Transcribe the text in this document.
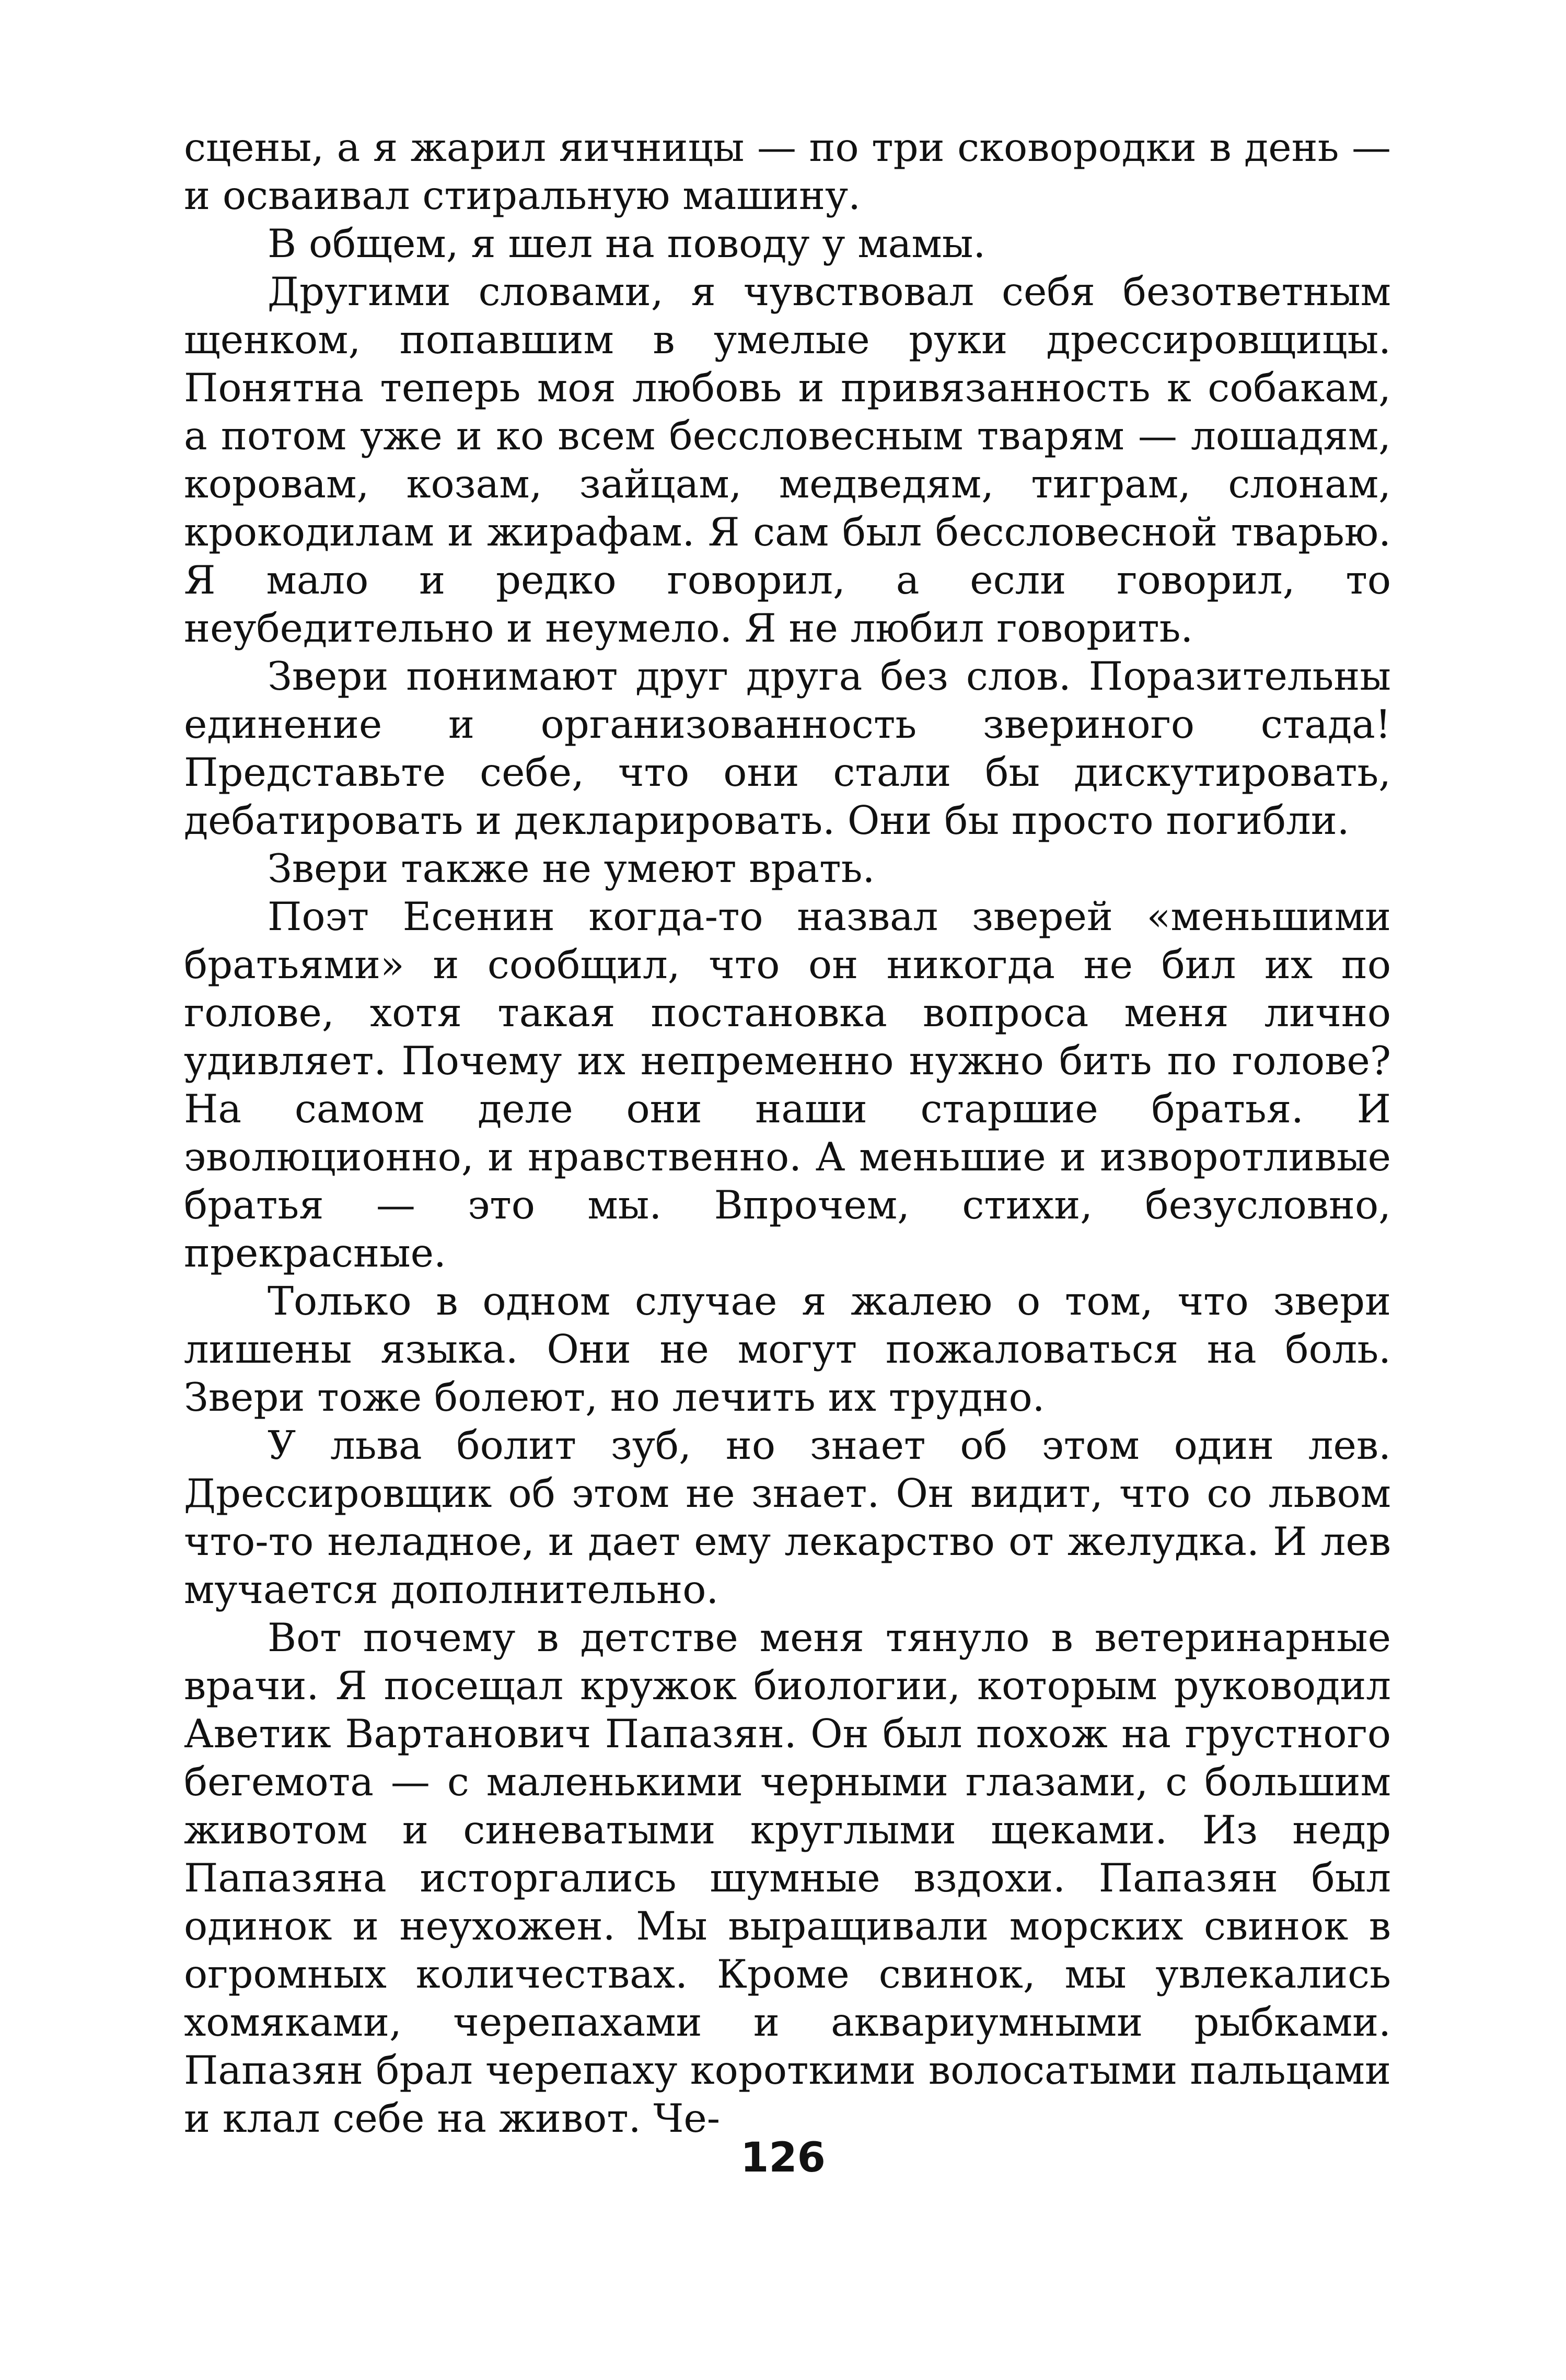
сцены, а я жарил яичницы — по три сковородки в день — и осваивал стиральную машину.

В общем, я шел на поводу у мамы.

Другими словами, я чувствовал себя безответным щенком, попавшим в умелые руки дрессировщицы. Понятна теперь моя любовь и привязанность к собакам, а потом уже и ко всем бессловесным тварям — лошадям, коровам, козам, зайцам, медведям, тиграм, слонам, крокодилам и жирафам. Я сам был бессловесной тварью. Я мало и редко говорил, а если говорил, то неубедительно и неумело. Я не любил говорить.

Звери понимают друг друга без слов. Поразительны единение и организованность звериного стада! Представьте себе, что они стали бы дискутировать, дебатировать и декларировать. Они бы просто погибли.

Звери также не умеют врать.

Поэт Есенин когда-то назвал зверей «меньшими братьями» и сообщил, что он никогда не бил их по голове, хотя такая постановка вопроса меня лично удивляет. Почему их непременно нужно бить по голове? На самом деле они наши старшие братья. И эволюционно, и нравственно. А меньшие и изворотливые братья — это мы. Впрочем, стихи, безусловно, прекрасные.

Только в одном случае я жалею о том, что звери лишены языка. Они не могут пожаловаться на боль. Звери тоже болеют, но лечить их трудно.

У льва болит зуб, но знает об этом один лев. Дрессировщик об этом не знает. Он видит, что со львом что-то неладное, и дает ему лекарство от желудка. И лев мучается дополнительно.

Вот почему в детстве меня тянуло в ветеринарные врачи. Я посещал кружок биологии, которым руководил Аветик Вартанович Папазян. Он был похож на грустного бегемота — с маленькими черными глазами, с большим животом и синеватыми круглыми щеками. Из недр Папазяна исторгались шумные вздохи. Папазян был одинок и неухожен. Мы выращивали морских свинок в огромных количествах. Кроме свинок, мы увлекались хомяками, черепахами и аквариумными рыбками. Папазян брал черепаху короткими волосатыми пальцами и клал себе на живот. Че-

126
